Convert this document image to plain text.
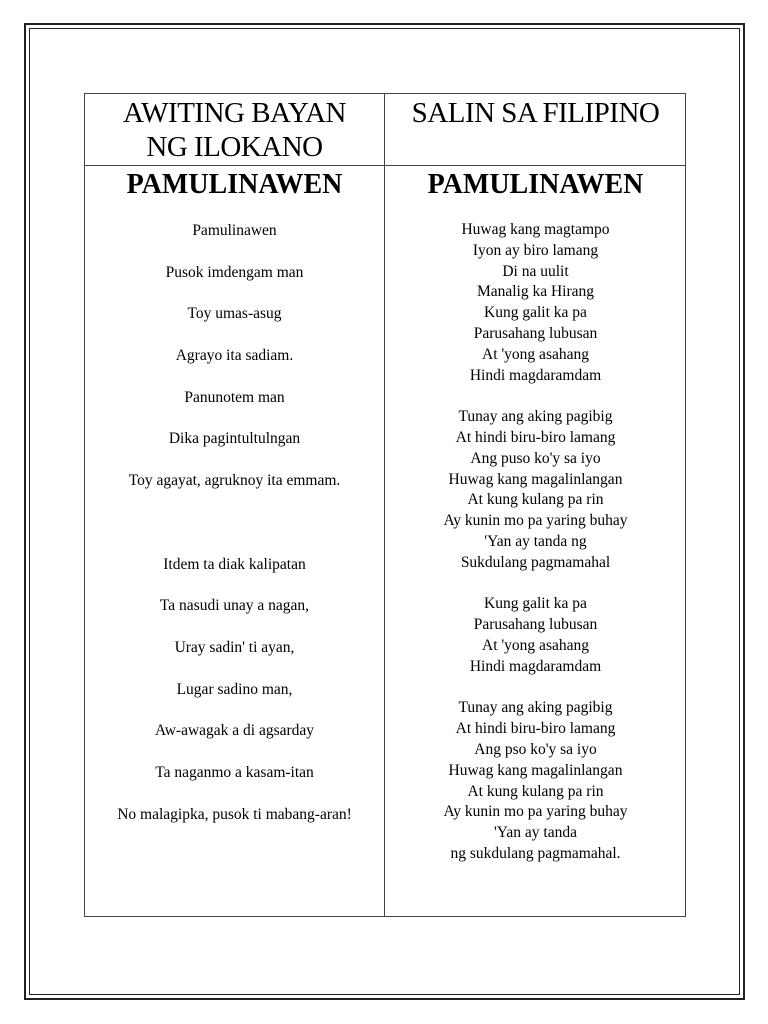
AWITING BAYAN
NG ILOKANO
SALIN SA FILIPINO
PAMULINAWEN	PAMULINAWEN
Pamulinawen
Pusok imdengam man
Toy umas-asug
Agrayo ita sadiam.
Panunotem man
Dika pagintultulngan
Toy agayat, agruknoy ita emmam.
Itdem ta diak kalipatan
Ta nasudi unay a nagan,
Uray sadin' ti ayan,
Lugar sadino man,
Aw-awagak a di agsarday
Ta naganmo a kasam-itan
No malagipka, pusok ti mabang-aran!
Huwag kang magtampo
Iyon ay biro lamang
Di na uulit
Manalig ka Hirang
Kung galit ka pa
Parusahang lubusan
At 'yong asahang
Hindi magdaramdam
Tunay ang aking pagibig
At hindi biru-biro lamang
Ang puso ko'y sa iyo
Huwag kang magalinlangan
At kung kulang pa rin
Ay kunin mo pa yaring buhay
'Yan ay tanda ng
Sukdulang pagmamahal
Kung galit ka pa
Parusahang lubusan
At 'yong asahang
Hindi magdaramdam
Tunay ang aking pagibig
At hindi biru-biro lamang
Ang pso ko'y sa iyo
Huwag kang magalinlangan
At kung kulang pa rin
Ay kunin mo pa yaring buhay
'Yan ay tanda
ng sukdulang pagmamahal.
